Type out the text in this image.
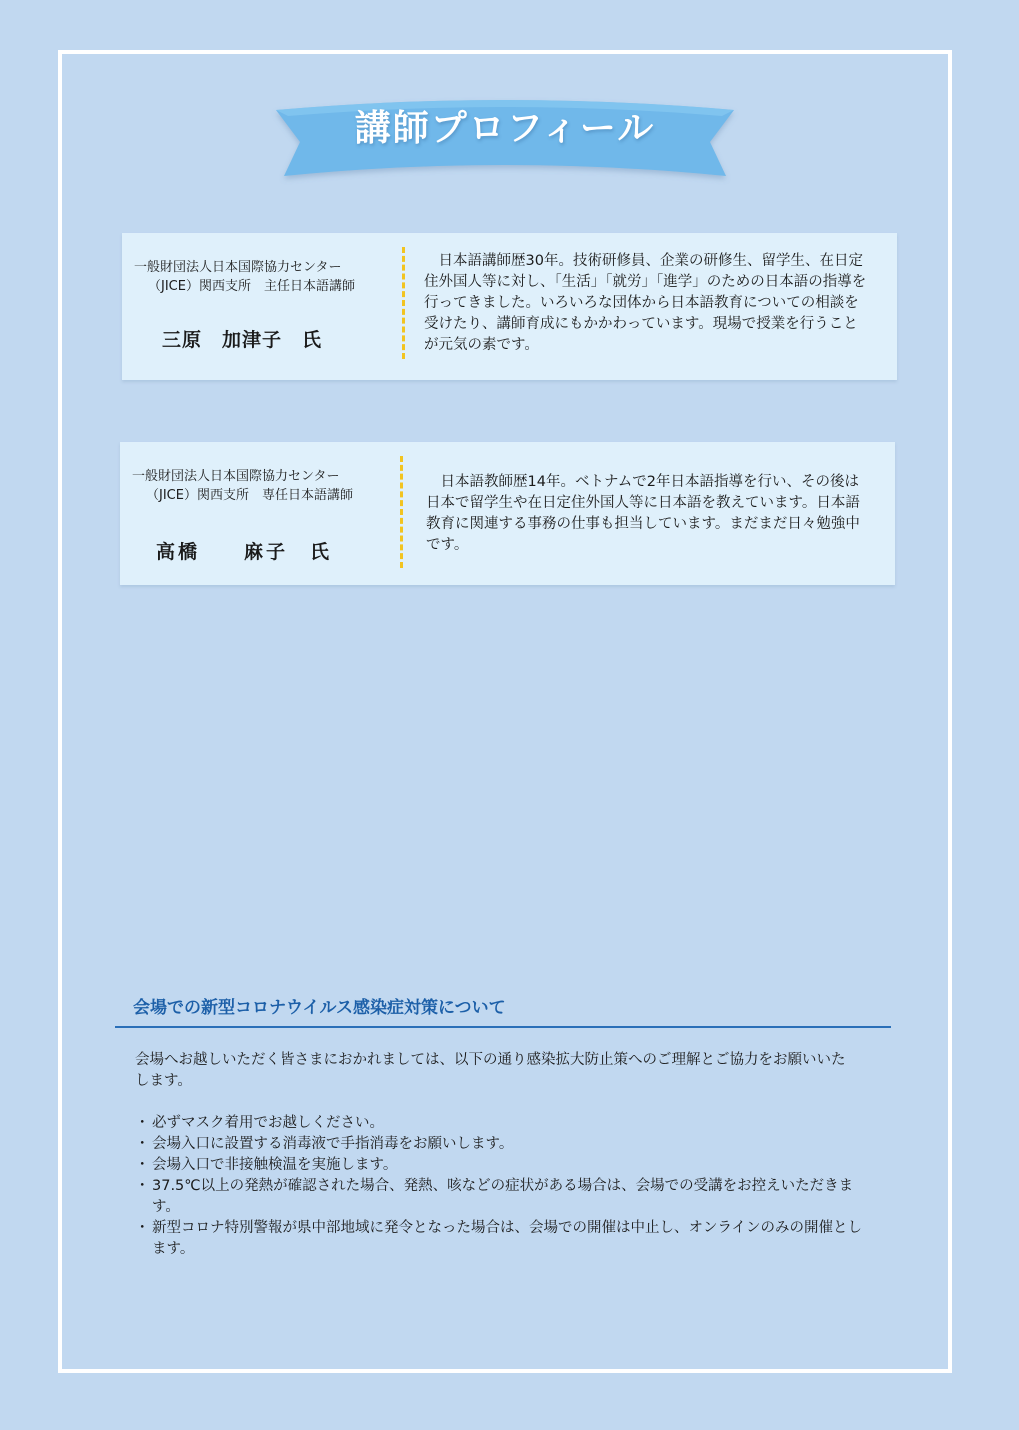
講師プロフィール
一般財団法人日本国際協力センター
（JICE）関西支所　主任日本語講師
三原　加津子　氏
日本語講師歴30年。技術研修員、企業の研修生、留学生、在日定住外国人等に対し、「生活」「就労」「進学」のための日本語の指導を行ってきました。いろいろな団体から日本語教育についての相談を受けたり、講師育成にもかかわっています。現場で授業を行うことが元気の素です。
一般財団法人日本国際協力センター
（JICE）関西支所　専任日本語講師
高橋　　麻子　氏
日本語教師歴14年。ベトナムで2年日本語指導を行い、その後は日本で留学生や在日定住外国人等に日本語を教えています。日本語教育に関連する事務の仕事も担当しています。まだまだ日々勉強中です。
会場での新型コロナウイルス感染症対策について
会場へお越しいただく皆さまにおかれましては、以下の通り感染拡大防止策へのご理解とご協力をお願いいたします。
・ 必ずマスク着用でお越しください。
・ 会場入口に設置する消毒液で手指消毒をお願いします。
・ 会場入口で非接触検温を実施します。
・ 37.5℃以上の発熱が確認された場合、発熱、咳などの症状がある場合は、会場での受講をお控えいただきます。
・ 新型コロナ特別警報が県中部地域に発令となった場合は、会場での開催は中止し、オンラインのみの開催とします。
